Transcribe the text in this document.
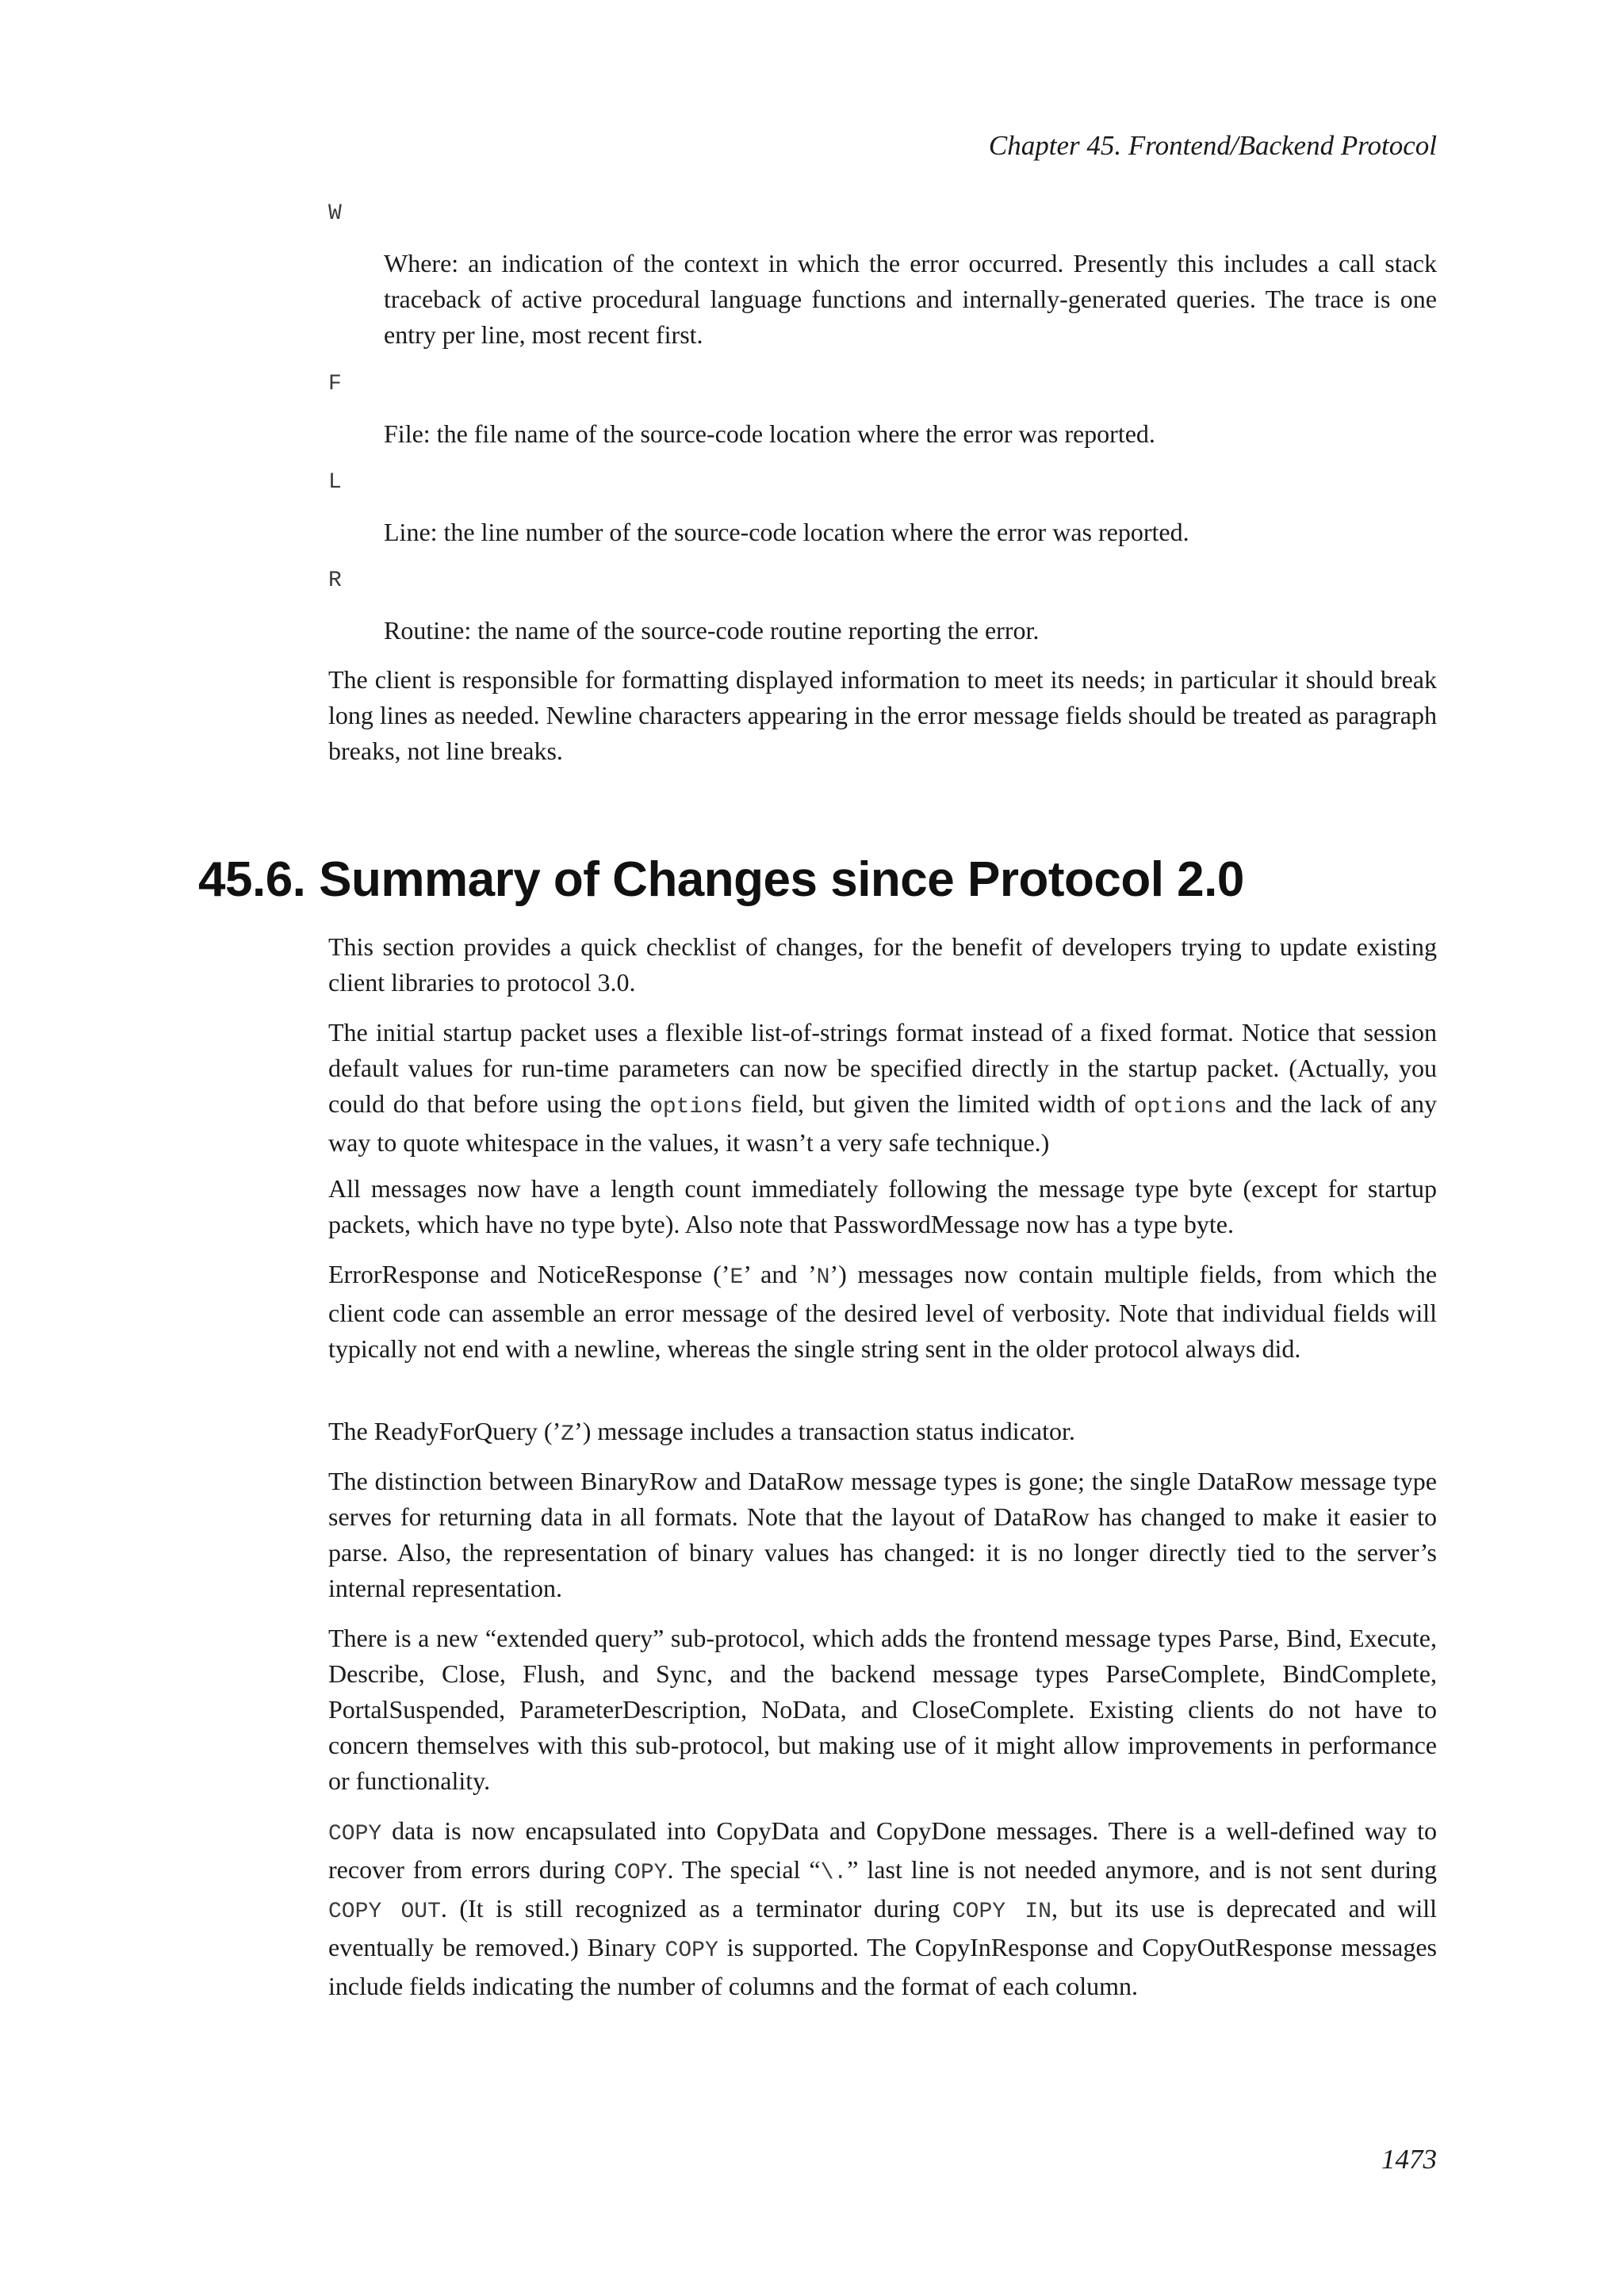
Chapter 45. Frontend/Backend Protocol
W

Where: an indication of the context in which the error occurred. Presently this includes a call stack traceback of active procedural language functions and internally-generated queries. The trace is one entry per line, most recent first.

F

File: the file name of the source-code location where the error was reported.

L

Line: the line number of the source-code location where the error was reported.

R

Routine: the name of the source-code routine reporting the error.

The client is responsible for formatting displayed information to meet its needs; in particular it should break long lines as needed. Newline characters appearing in the error message fields should be treated as paragraph breaks, not line breaks.

45.6. Summary of Changes since Protocol 2.0

This section provides a quick checklist of changes, for the benefit of developers trying to update existing client libraries to protocol 3.0.

The initial startup packet uses a flexible list-of-strings format instead of a fixed format. Notice that session default values for run-time parameters can now be specified directly in the startup packet. (Actually, you could do that before using the options field, but given the limited width of options and the lack of any way to quote whitespace in the values, it wasn’t a very safe technique.)

All messages now have a length count immediately following the message type byte (except for startup packets, which have no type byte). Also note that PasswordMessage now has a type byte.

ErrorResponse and NoticeResponse (’E’ and ’N’) messages now contain multiple fields, from which the client code can assemble an error message of the desired level of verbosity. Note that individual fields will typically not end with a newline, whereas the single string sent in the older protocol always did.

The ReadyForQuery (’Z’) message includes a transaction status indicator.

The distinction between BinaryRow and DataRow message types is gone; the single DataRow message type serves for returning data in all formats. Note that the layout of DataRow has changed to make it easier to parse. Also, the representation of binary values has changed: it is no longer directly tied to the server’s internal representation.

There is a new “extended query” sub-protocol, which adds the frontend message types Parse, Bind, Execute, Describe, Close, Flush, and Sync, and the backend message types ParseComplete, BindComplete, PortalSuspended, ParameterDescription, NoData, and CloseComplete. Existing clients do not have to concern themselves with this sub-protocol, but making use of it might allow improvements in performance or functionality.

COPY data is now encapsulated into CopyData and CopyDone messages. There is a well-defined way to recover from errors during COPY. The special “\.” last line is not needed anymore, and is not sent during COPY OUT. (It is still recognized as a terminator during COPY IN, but its use is deprecated and will eventually be removed.) Binary COPY is supported. The CopyInResponse and CopyOutResponse messages include fields indicating the number of columns and the format of each column.

1473
